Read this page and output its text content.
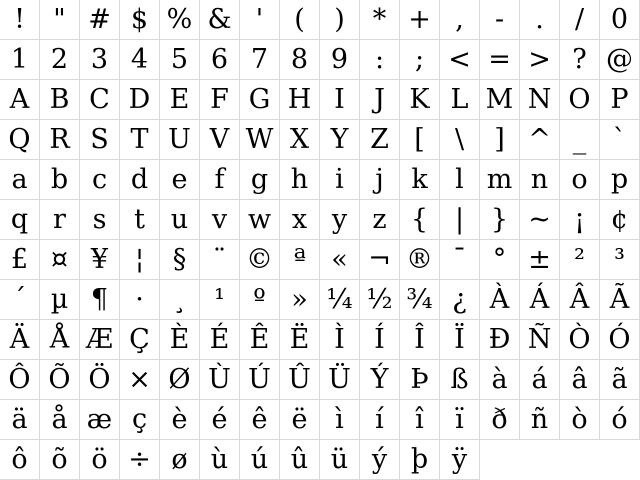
!	" # $ % & '	(	)	* + ,	-	.	/ 0
1 2 3 4 5 6 7 8 9 :	; < = > ? @
A B C D E F G H I	J K L M N O P
Q R S T U V W X Y Z [	\	] ^ _ `
a b c d e	f g h i	j	k	l m n o p
q r s	t u v w x y z { | } ~ ¡ ¢
£ ¤ ¥ ¦	§ ¨ © ª « ¬ ® ¯ ° ± ²	³
´ µ ¶	·	¸	¹	º » ¼ ½ ¾ ¿ À Á Â Ã
Ä Å Æ Ç È É Ê Ë Ì	Í	Î	Ï Ð Ñ Ò Ó
Ô Õ Ö × Ø Ù Ú Û Ü Ý Þ ß à á â ã
ä å æ ç è é ê ë	ì	í	î	ï	ð ñ ò ó
ô õ ö ÷ ø ù ú û ü ý þ ÿ
